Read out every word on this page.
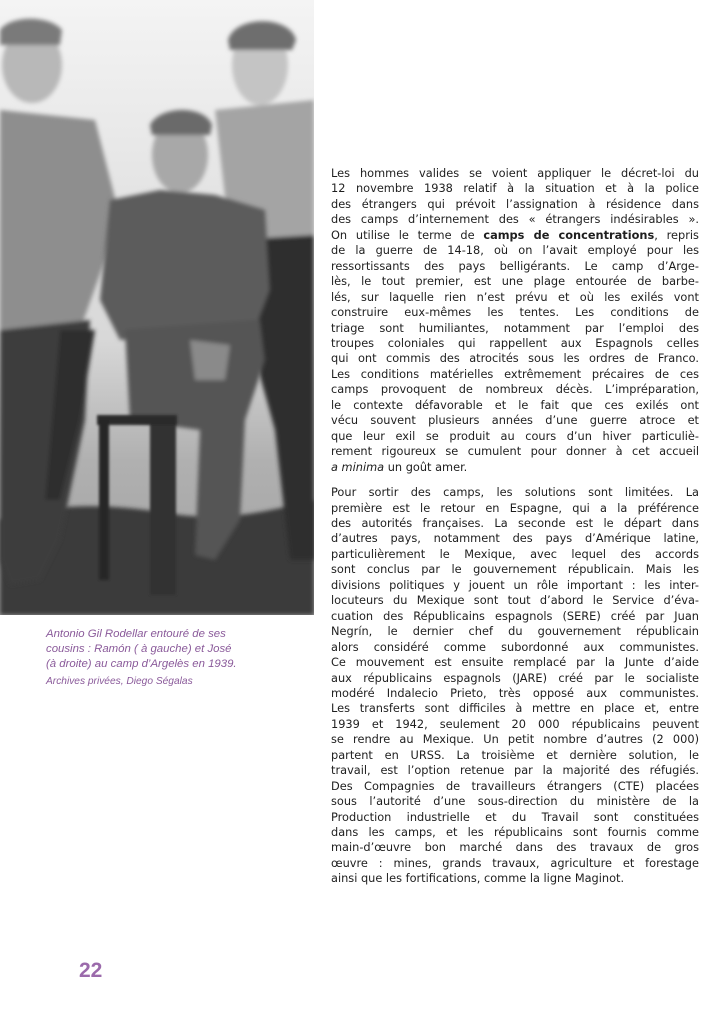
Antonio Gil Rodellar entouré de ses
cousins : Ramón ( à gauche) et José
(à droite) au camp d’Argelès en 1939.
Archives privées, Diego Ségalas
Les hommes valides se voient appliquer le décret-loi du
12 novembre 1938 relatif à la situation et à la police
des étrangers qui prévoit l’assignation à résidence dans
des camps d’internement des « étrangers indésirables ».
On utilise le terme de camps de concentrations, repris
de la guerre de 14-18, où on l’avait employé pour les
ressortissants des pays belligérants. Le camp d’Arge-
lès, le tout premier, est une plage entourée de barbe-
lés, sur laquelle rien n’est prévu et où les exilés vont
construire eux-mêmes les tentes. Les conditions de
triage sont humiliantes, notamment par l’emploi des
troupes coloniales qui rappellent aux Espagnols celles
qui ont commis des atrocités sous les ordres de Franco.
Les conditions matérielles extrêmement précaires de ces
camps provoquent de nombreux décès. L’impréparation,
le contexte défavorable et le fait que ces exilés ont
vécu souvent plusieurs années d’une guerre atroce et
que leur exil se produit au cours d’un hiver particuliè-
rement rigoureux se cumulent pour donner à cet accueil
a minima un goût amer.
Pour sortir des camps, les solutions sont limitées. La
première est le retour en Espagne, qui a la préférence
des autorités françaises. La seconde est le départ dans
d’autres pays, notamment des pays d’Amérique latine,
particulièrement le Mexique, avec lequel des accords
sont conclus par le gouvernement républicain. Mais les
divisions politiques y jouent un rôle important : les inter-
locuteurs du Mexique sont tout d’abord le Service d’éva-
cuation des Républicains espagnols (SERE) créé par Juan
Negrín, le dernier chef du gouvernement républicain
alors considéré comme subordonné aux communistes.
Ce mouvement est ensuite remplacé par la Junte d’aide
aux républicains espagnols (JARE) créé par le socialiste
modéré Indalecio Prieto, très opposé aux communistes.
Les transferts sont difficiles à mettre en place et, entre
1939 et 1942, seulement 20 000 républicains peuvent
se rendre au Mexique. Un petit nombre d’autres (2 000)
partent en URSS. La troisième et dernière solution, le
travail, est l’option retenue par la majorité des réfugiés.
Des Compagnies de travailleurs étrangers (CTE) placées
sous l’autorité d’une sous-direction du ministère de la
Production industrielle et du Travail sont constituées
dans les camps, et les républicains sont fournis comme
main-d’œuvre bon marché dans des travaux de gros
œuvre : mines, grands travaux, agriculture et forestage
ainsi que les fortifications, comme la ligne Maginot.
22
